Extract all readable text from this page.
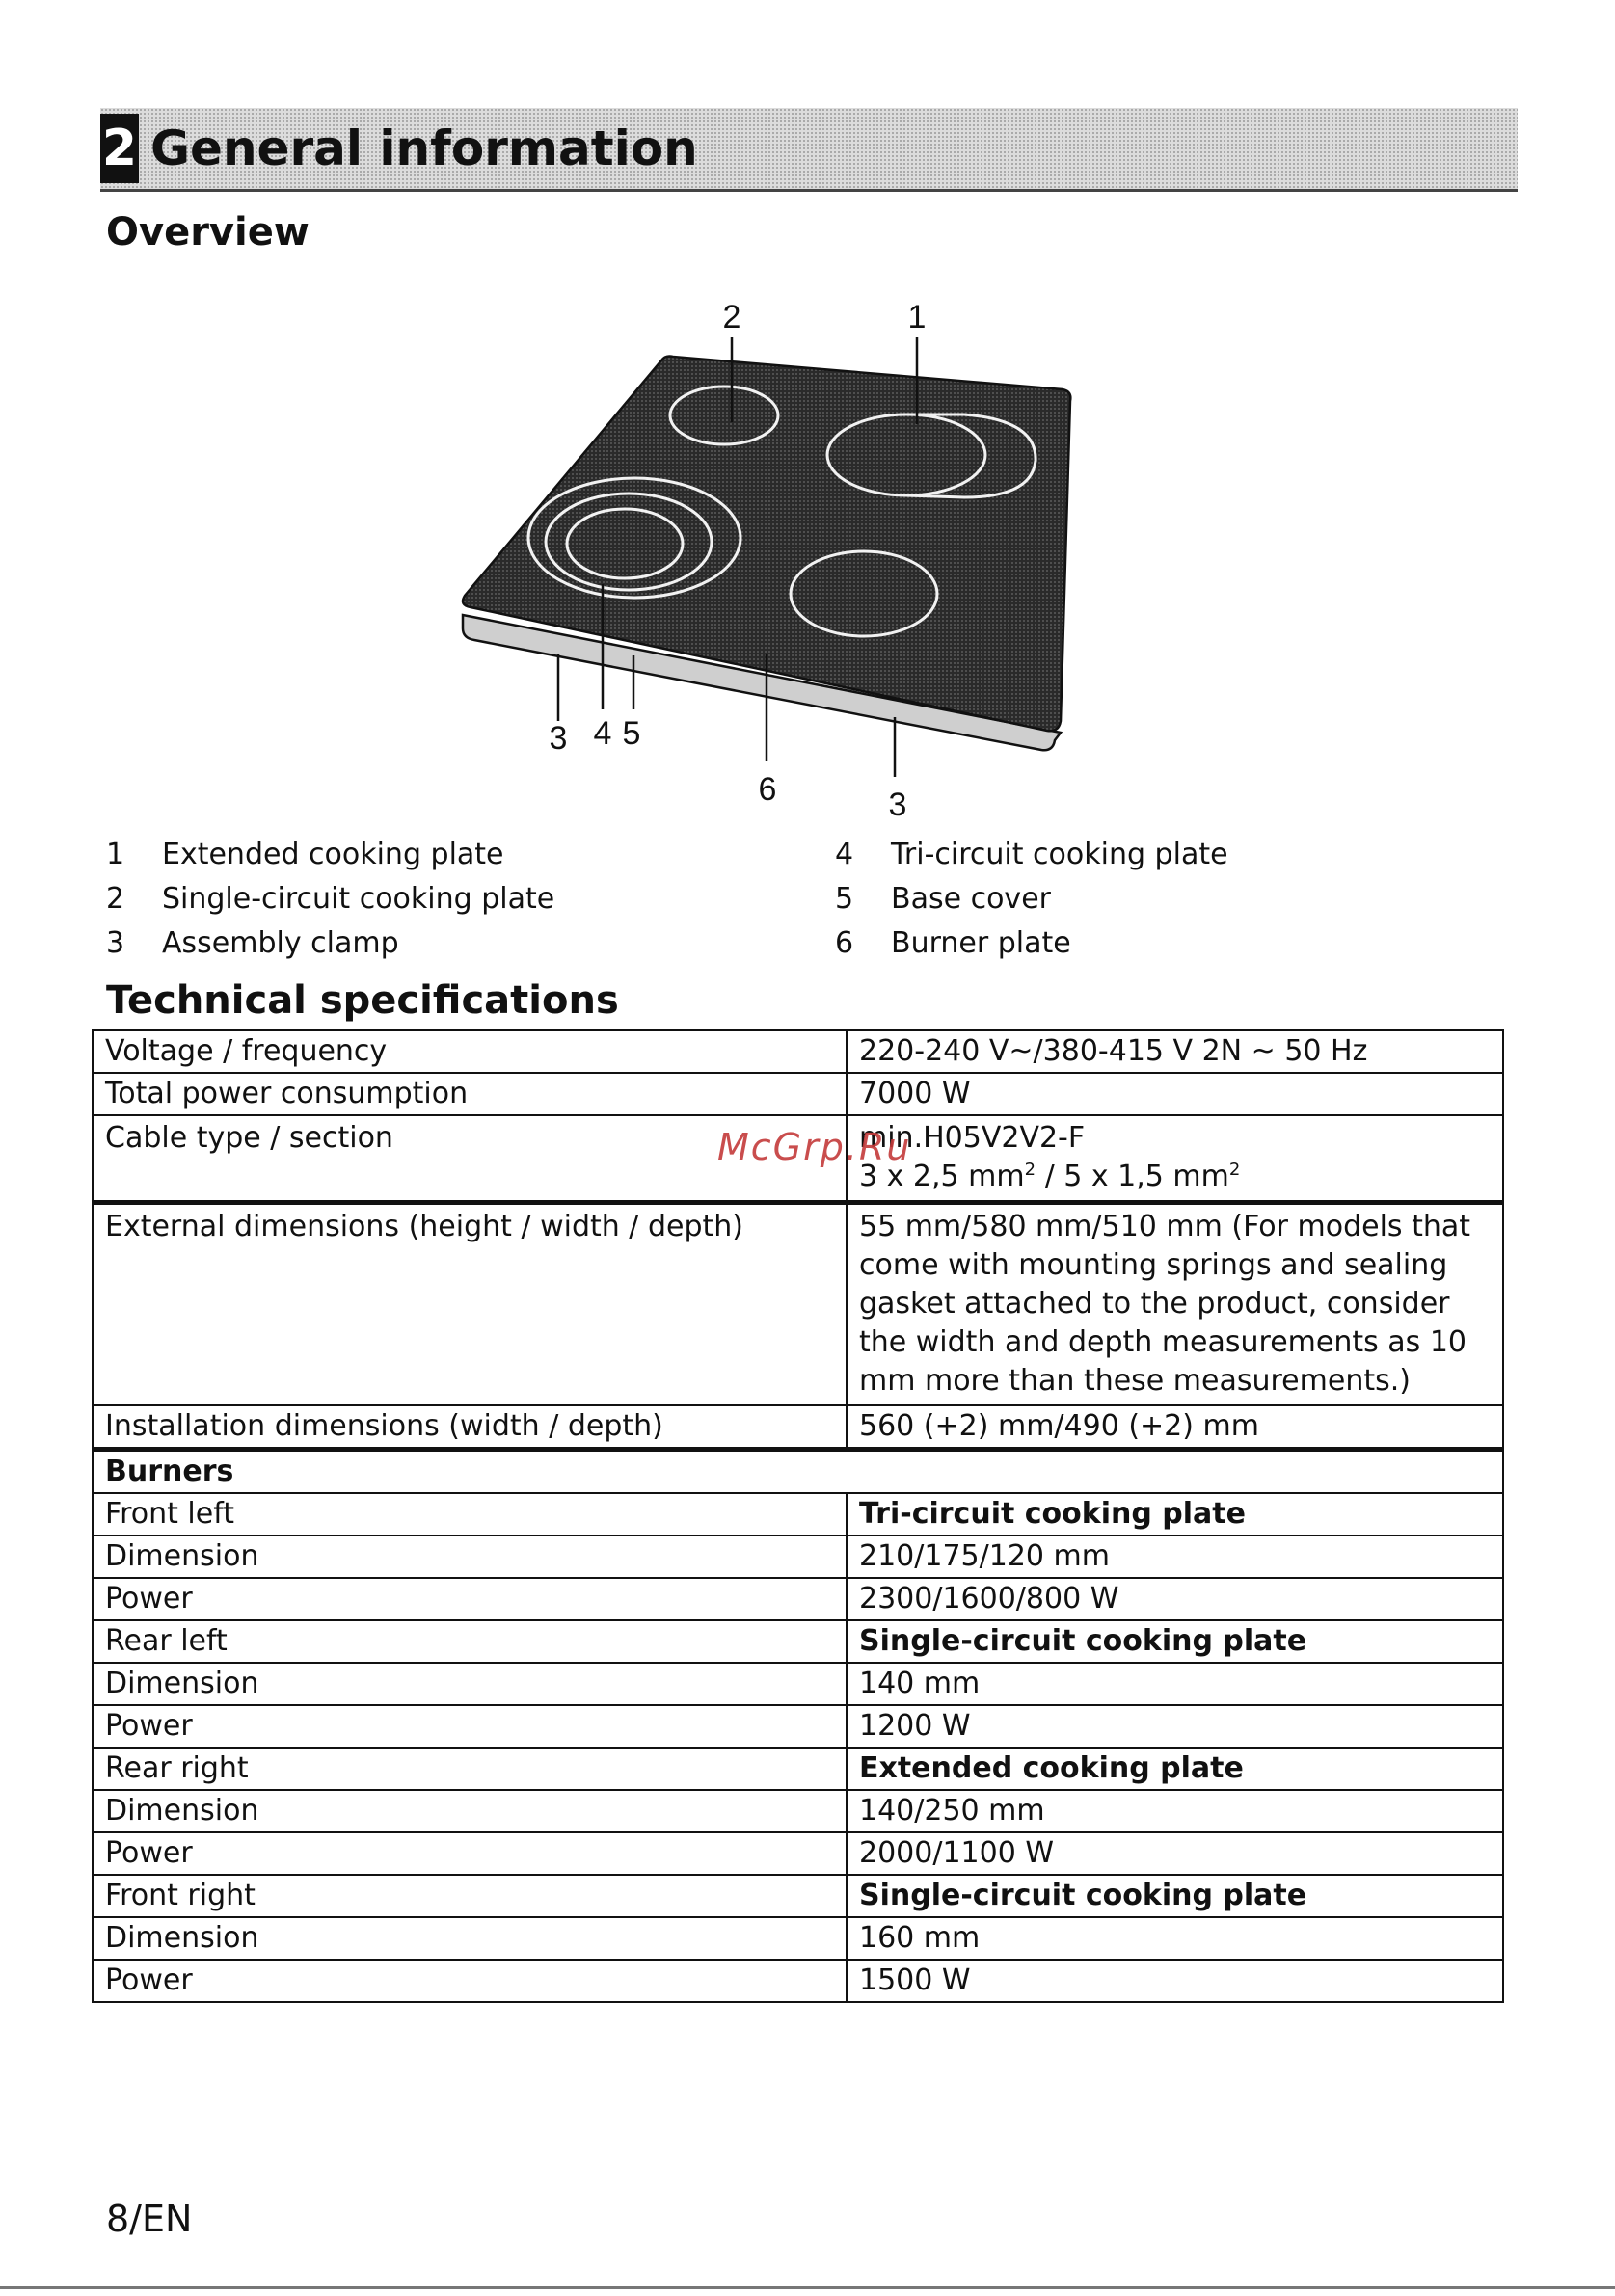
2 General information
Overview
2	1
3 4 5
6	3
1	Extended cooking plate
2	Single-circuit cooking plate
3	Assembly clamp
4	Tri-circuit cooking plate
5	Base cover
6	Burner plate
Technical specifications
Voltage / frequency	220-240 V~/380-415 V 2N ~ 50 Hz
Total power consumption	7000 W
Cable type / section	min.H05V2V2-F
3 x 2,5 $mm^2 / 5$ x 1,5 $mm^2$

External dimensions (height / width / depth)	55 mm/580 mm/510 mm (For models that come with mounting springs and sealing gasket attached to the product, consider the width and depth measurements as 10 mm more than these measurements.)
Installation dimensions (width / depth)	560 (+2) mm/490 (+2) mm
Burners	
Front left	Tri-circuit cooking plate
Dimension	210/175/120 mm
Power	2300/1600/800 W
Rear left	Single-circuit cooking plate
Dimension	140 mm
Power	1200 W
Rear right	Extended cooking plate
Dimension	140/250 mm
Power	2000/1100 W
Front right	Single-circuit cooking plate
Dimension	160 mm
Power	1500 W
McGrp.Ru
8/EN
